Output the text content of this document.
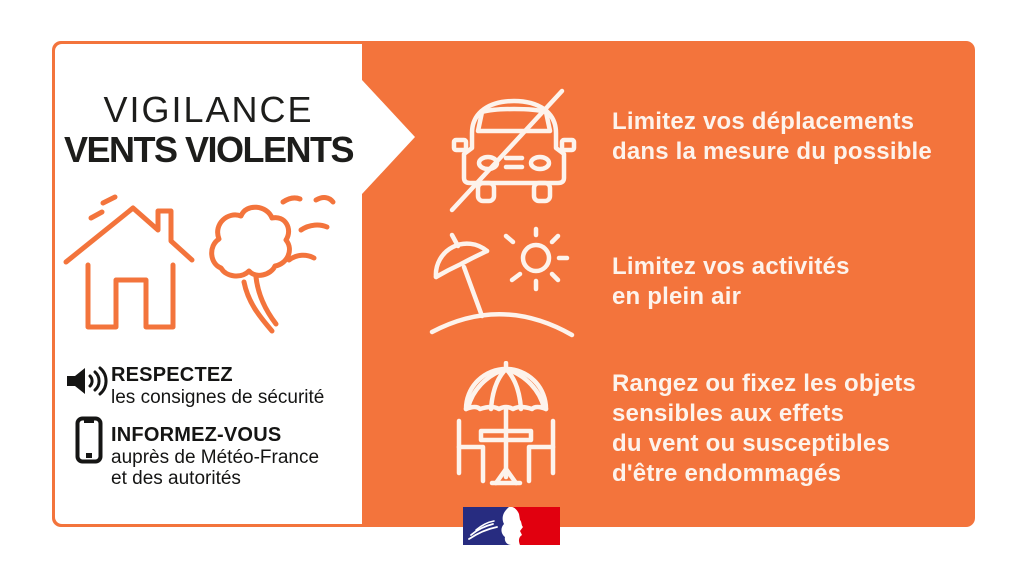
VIGILANCE
VENTS VIOLENTS
RESPECTEZ
les consignes de sécurité
INFORMEZ-VOUS
auprès de Météo-France
et des autorités
Limitez vos déplacements
dans la mesure du possible
Limitez vos activités
en plein air
Rangez ou fixez les objets
sensibles aux effets
du vent ou susceptibles
d'être endommagés
